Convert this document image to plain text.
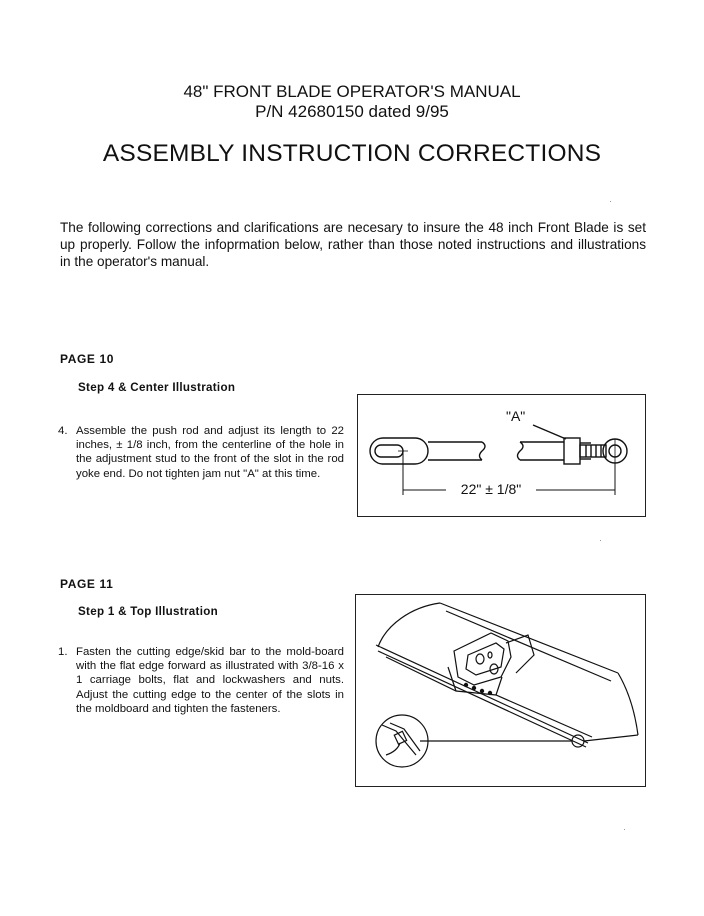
48" FRONT BLADE OPERATOR'S MANUAL
P/N 42680150 dated 9/95
ASSEMBLY INSTRUCTION CORRECTIONS
The following corrections and clarifications are necesary to insure the 48 inch Front Blade is set up properly. Follow the infoprmation below, rather than those noted instructions and illustrations in the operator's manual.
PAGE 10
Step 4 & Center Illustration
4. Assemble the push rod and adjust its length to 22 inches, ± 1/8 inch, from the centerline of the hole in the adjustment stud to the front of the slot in the rod yoke end. Do not tighten jam nut "A" at this time.
"A"
22" ± 1/8"
PAGE 11
Step 1 & Top Illustration
1. Fasten the cutting edge/skid bar to the mold-board with the flat edge forward as illustrated with 3/8-16 x 1 carriage bolts, flat and lockwashers and nuts. Adjust the cutting edge to the center of the slots in the moldboard and tighten the fasteners.
